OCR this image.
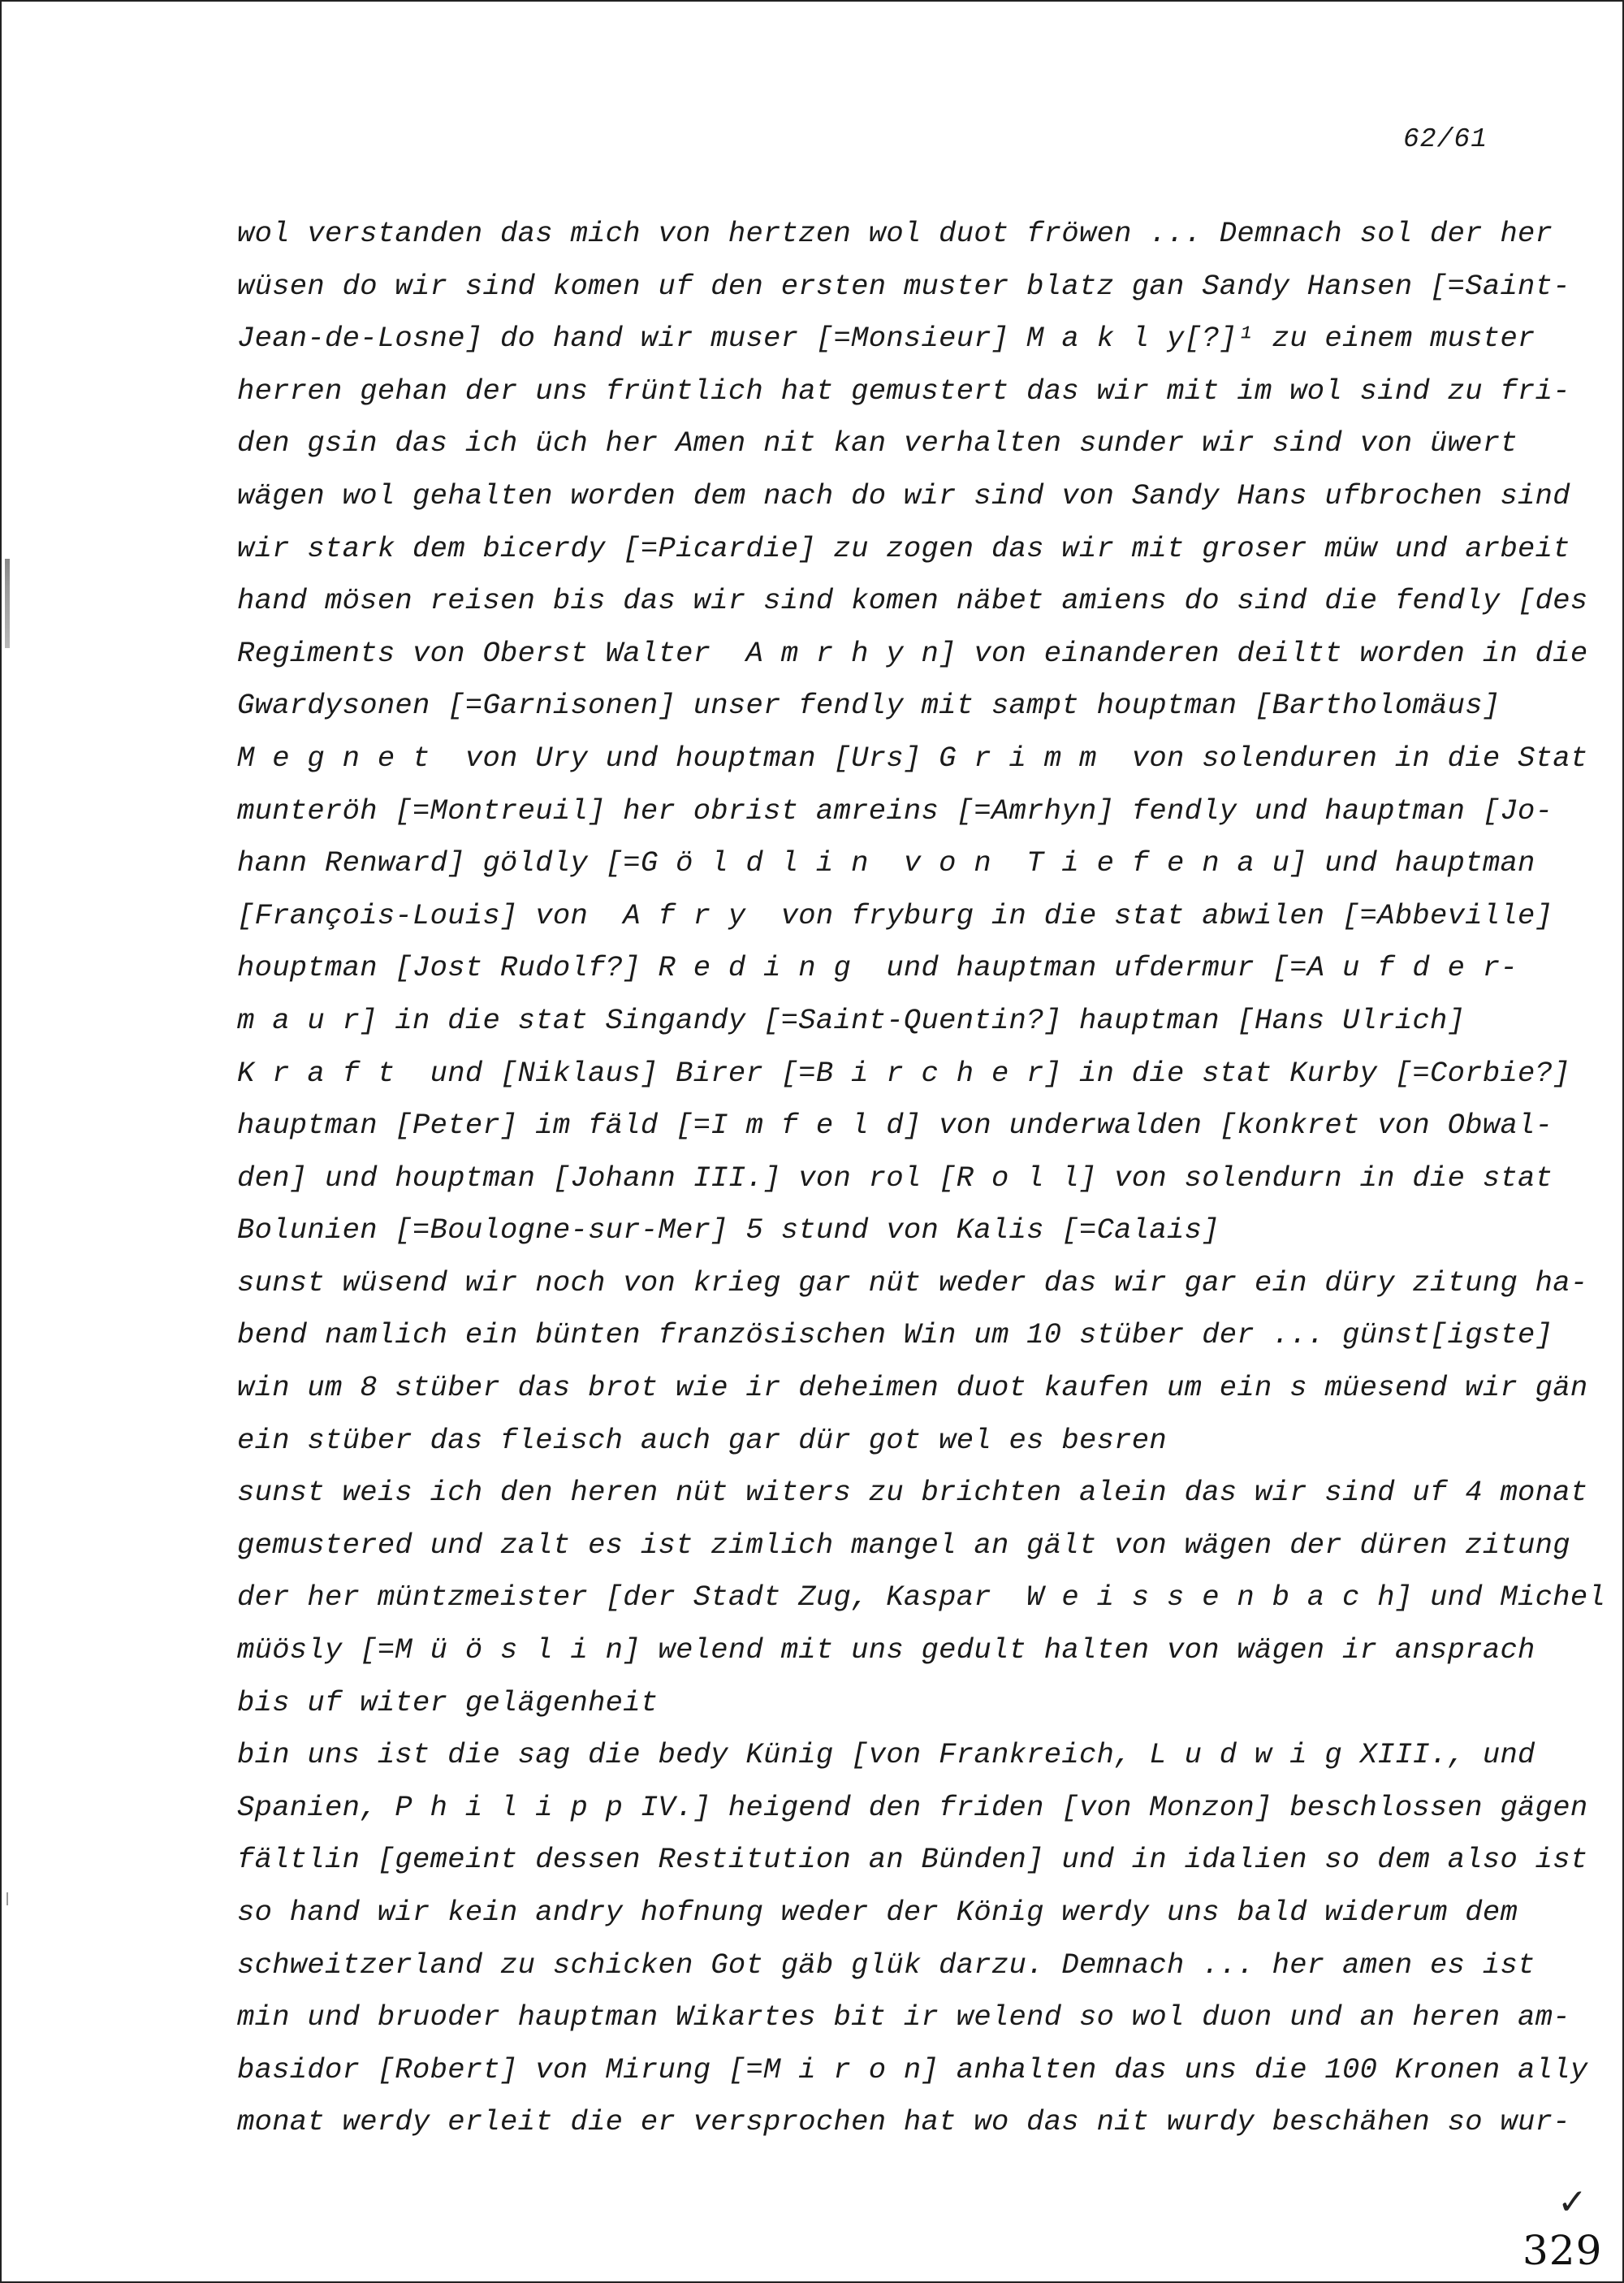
62/61
wol verstanden das mich von hertzen wol duot fröwen ... Demnach sol der her
wüsen do wir sind komen uf den ersten muster blatz gan Sandy Hansen [=Saint-
Jean-de-Losne] do hand wir muser [=Monsieur] M a k l y[?]¹ zu einem muster
herren gehan der uns früntlich hat gemustert das wir mit im wol sind zu fri-
den gsin das ich üch her Amen nit kan verhalten sunder wir sind von üwert
wägen wol gehalten worden dem nach do wir sind von Sandy Hans ufbrochen sind
wir stark dem bicerdy [=Picardie] zu zogen das wir mit groser müw und arbeit
hand mösen reisen bis das wir sind komen näbet amiens do sind die fendly [des
Regiments von Oberst Walter  A m r h y n] von einanderen deiltt worden in die
Gwardysonen [=Garnisonen] unser fendly mit sampt houptman [Bartholomäus]
M e g n e t  von Ury und houptman [Urs] G r i m m  von solenduren in die Stat
munteröh [=Montreuil] her obrist amreins [=Amrhyn] fendly und hauptman [Jo-
hann Renward] göldly [=G ö l d l i n  v o n  T i e f e n a u] und hauptman
[François-Louis] von  A f r y  von fryburg in die stat abwilen [=Abbeville]
houptman [Jost Rudolf?] R e d i n g  und hauptman ufdermur [=A u f d e r-
m a u r] in die stat Singandy [=Saint-Quentin?] hauptman [Hans Ulrich]
K r a f t  und [Niklaus] Birer [=B i r c h e r] in die stat Kurby [=Corbie?]
hauptman [Peter] im fäld [=I m f e l d] von underwalden [konkret von Obwal-
den] und houptman [Johann III.] von rol [R o l l] von solendurn in die stat
Bolunien [=Boulogne-sur-Mer] 5 stund von Kalis [=Calais]
sunst wüsend wir noch von krieg gar nüt weder das wir gar ein düry zitung ha-
bend namlich ein bünten französischen Win um 10 stüber der ... günst[igste]
win um 8 stüber das brot wie ir deheimen duot kaufen um ein s müesend wir gän
ein stüber das fleisch auch gar dür got wel es besren
sunst weis ich den heren nüt witers zu brichten alein das wir sind uf 4 monat
gemustered und zalt es ist zimlich mangel an gält von wägen der düren zitung
der her müntzmeister [der Stadt Zug, Kaspar  W e i s s e n b a c h] und Michel
müösly [=M ü ö s l i n] welend mit uns gedult halten von wägen ir ansprach
bis uf witer gelägenheit
bin uns ist die sag die bedy Künig [von Frankreich, L u d w i g XIII., und
Spanien, P h i l i p p IV.] heigend den friden [von Monzon] beschlossen gägen
fältlin [gemeint dessen Restitution an Bünden] und in idalien so dem also ist
so hand wir kein andry hofnung weder der König werdy uns bald widerum dem
schweitzerland zu schicken Got gäb glük darzu. Demnach ... her amen es ist
min und bruoder hauptman Wikartes bit ir welend so wol duon und an heren am-
basidor [Robert] von Mirung [=M i r o n] anhalten das uns die 100 Kronen ally
monat werdy erleit die er versprochen hat wo das nit wurdy beschähen so wur-
✓
329
